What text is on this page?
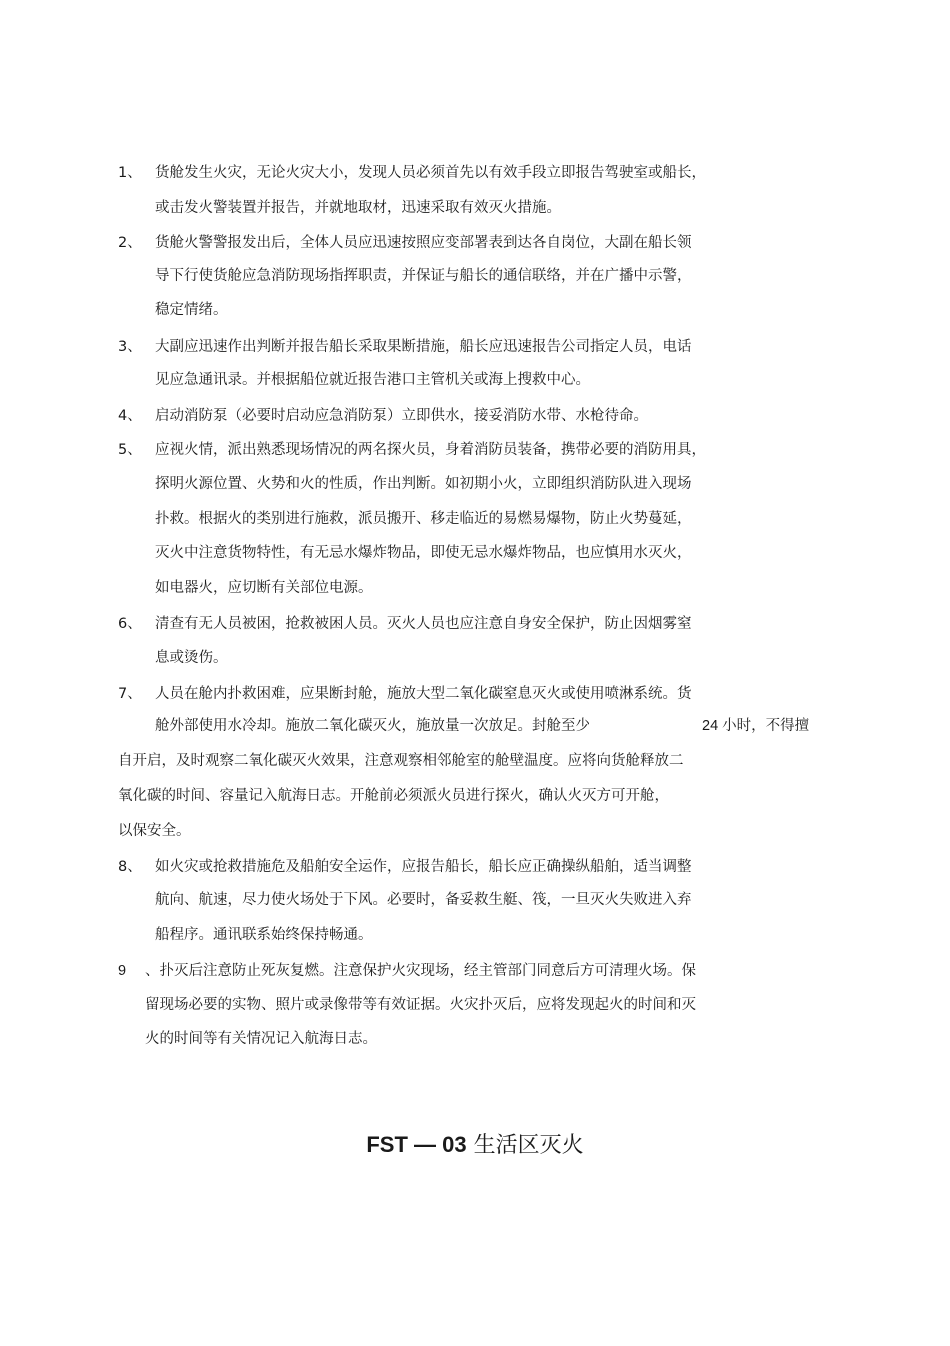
1、 货舱发生火灾，无论火灾大小，发现人员必须首先以有效手段立即报告驾驶室或船长，
或击发火警装置并报告，并就地取材，迅速采取有效灭火措施。
2、 货舱火警警报发出后，全体人员应迅速按照应变部署表到达各自岗位，大副在船长领
导下行使货舱应急消防现场指挥职责，并保证与船长的通信联络，并在广播中示警，
稳定情绪。
3、 大副应迅速作出判断并报告船长采取果断措施，船长应迅速报告公司指定人员，电话
见应急通讯录。并根据船位就近报告港口主管机关或海上搜救中心。
4、 启动消防泵（必要时启动应急消防泵）立即供水，接妥消防水带、水枪待命。
5、 应视火情，派出熟悉现场情况的两名探火员，身着消防员装备，携带必要的消防用具，
探明火源位置、火势和火的性质，作出判断。如初期小火，立即组织消防队进入现场
扑救。根据火的类别进行施救，派员搬开、移走临近的易燃易爆物，防止火势蔓延，
灭火中注意货物特性，有无忌水爆炸物品，即使无忌水爆炸物品，也应慎用水灭火，
如电器火，应切断有关部位电源。
6、 清查有无人员被困，抢救被困人员。灭火人员也应注意自身安全保护，防止因烟雾窒
息或烫伤。
7、 人员在舱内扑救困难，应果断封舱，施放大型二氧化碳窒息灭火或使用喷淋系统。货
舱外部使用水冷却。施放二氧化碳灭火，施放量一次放足。封舱至少	24 小时，不得擅
自开启，及时观察二氧化碳灭火效果，注意观察相邻舱室的舱壁温度。应将向货舱释放二
氧化碳的时间、容量记入航海日志。开舱前必须派火员进行探火，确认火灭方可开舱，
以保安全。
8、 如火灾或抢救措施危及船舶安全运作，应报告船长，船长应正确操纵船舶，适当调整
航向、航速，尽力使火场处于下风。必要时，备妥救生艇、筏，一旦灭火失败进入弃
船程序。通讯联系始终保持畅通。
9 、扑灭后注意防止死灰复燃。注意保护火灾现场，经主管部门同意后方可清理火场。保
留现场必要的实物、照片或录像带等有效证据。火灾扑灭后，应将发现起火的时间和灭
火的时间等有关情况记入航海日志。
FST — 03 生活区灭火
